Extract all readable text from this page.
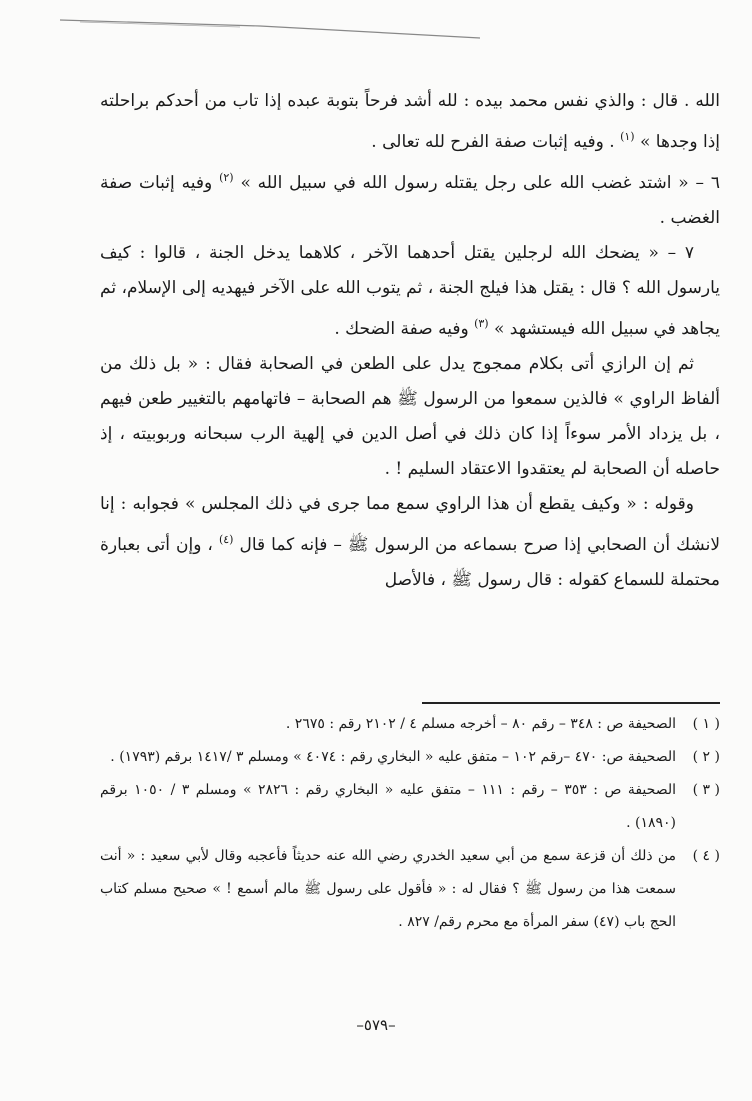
الله . قال : والذي نفس محمد بيده : لله أشد فرحاً بتوبة عبده إذا تاب من أحدكم براحلته إذا وجدها » $^{(١)}$ . وفيه إثبات صفة الفرح لله تعالى .

٦ – « اشتد غضب الله على رجل يقتله رسول الله في سبيل الله » $^{(٢)}$ وفيه إثبات صفة الغضب .

٧ – « يضحك الله لرجلين يقتل أحدهما الآخر ، كلاهما يدخل الجنة ، قالوا : كيف يارسول الله ؟ قال : يقتل هذا فيلج الجنة ، ثم يتوب الله على الآخر فيهديه إلى الإسلام، ثم يجاهد في سبيل الله فيستشهد » $^{(٣)}$ وفيه صفة الضحك .

ثم إن الرازي أتى بكلام ممجوج يدل على الطعن في الصحابة فقال : « بل ذلك من ألفاظ الراوي » فالذين سمعوا من الرسول ﷺ هم الصحابة – فاتهامهم بالتغيير طعن فيهم ، بل يزداد الأمر سوءاً إذا كان ذلك في أصل الدين في إلهية الرب سبحانه وربوبيته ، إذ حاصله أن الصحابة لم يعتقدوا الاعتقاد السليم ! .

وقوله : « وكيف يقطع أن هذا الراوي سمع مما جرى في ذلك المجلس » فجوابه : إنا لانشك أن الصحابي إذا صرح بسماعه من الرسول ﷺ – فإنه كما قال $^{(٤)}$ ، وإن أتى بعبارة محتملة للسماع كقوله : قال رسول ﷺ ، فالأصل

( ١ )
الصحيفة ص : ٣٤٨ – رقم ٨٠ – أخرجه مسلم ٤ / ٢١٠٢ رقم : ٢٦٧٥ .

( ٢ )
الصحيفة ص: ٤٧٠ –رقم ١٠٢ – متفق عليه « البخاري رقم : ٤٠٧٤ » ومسلم ٣ /١٤١٧ برقم (١٧٩٣) .

( ٣ )
الصحيفة ص : ٣٥٣ – رقم : ١١١ – متفق عليه « البخاري رقم : ٢٨٢٦ » ومسلم ٣ / ١٠٥٠ برقم (١٨٩٠) .

( ٤ )
من ذلك أن قزعة سمع من أبي سعيد الخدري رضي الله عنه حديثاً فأعجبه وقال لأبي سعيد : « أنت سمعت هذا من رسول ﷺ ؟ فقال له : « فأقول على رسول ﷺ مالم أسمع ! » صحيح مسلم كتاب الحج باب (٤٧) سفر المرأة مع محرم رقم/ ٨٢٧ .

–٥٧٩–
